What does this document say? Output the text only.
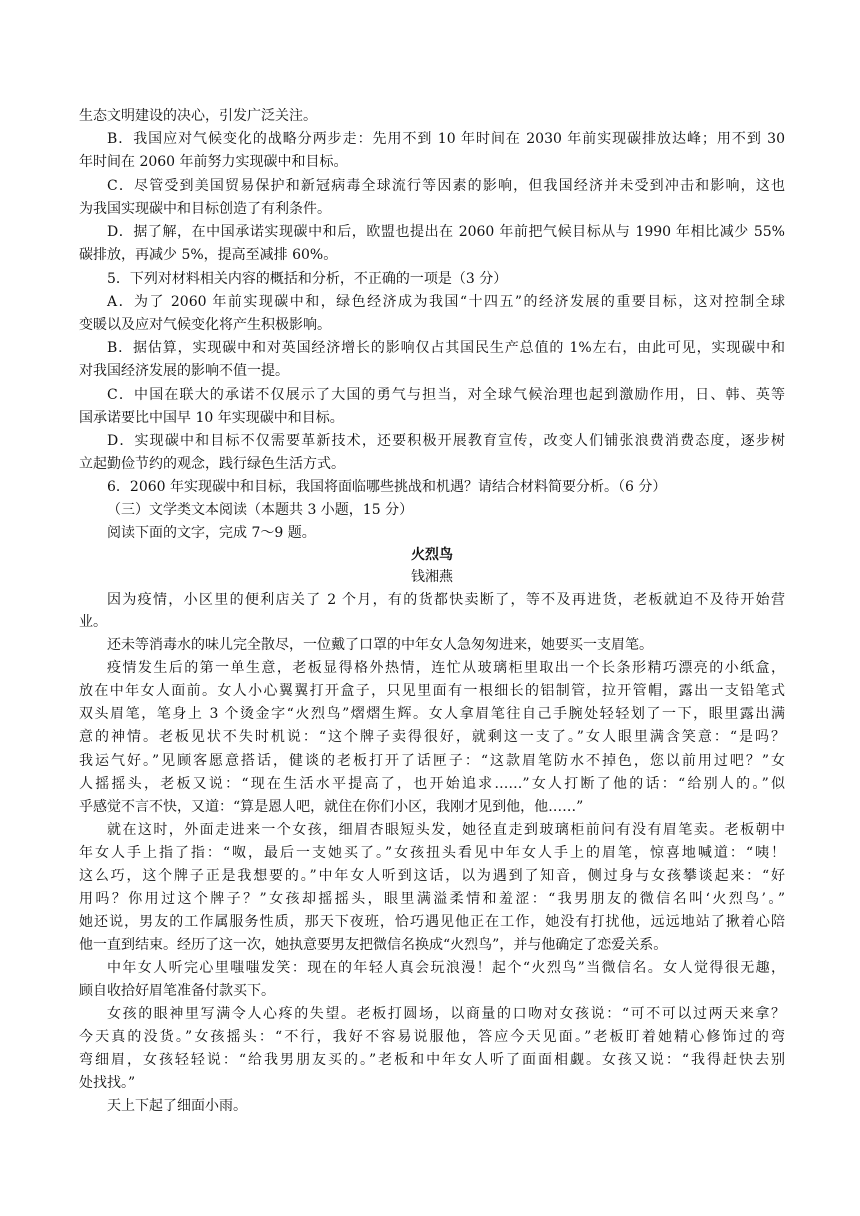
生态文明建设的决心，引发广泛关注。
B．我国应对气候变化的战略分两步走：先用不到 10 年时间在 2030 年前实现碳排放达峰；用不到 30
年时间在 2060 年前努力实现碳中和目标。
C．尽管受到美国贸易保护和新冠病毒全球流行等因素的影响，但我国经济并未受到冲击和影响，这也
为我国实现碳中和目标创造了有利条件。
D．据了解，在中国承诺实现碳中和后，欧盟也提出在 2060 年前把气候目标从与 1990 年相比减少 55%
碳排放，再减少 5%，提高至减排 60%。
5．下列对材料相关内容的概括和分析，不正确的一项是（3 分）
A．为了 2060 年前实现碳中和，绿色经济成为我国“十四五”的经济发展的重要目标，这对控制全球
变暖以及应对气候变化将产生积极影响。
B．据估算，实现碳中和对英国经济增长的影响仅占其国民生产总值的 1%左右，由此可见，实现碳中和
对我国经济发展的影响不值一提。
C．中国在联大的承诺不仅展示了大国的勇气与担当，对全球气候治理也起到激励作用，日、韩、英等
国承诺要比中国早 10 年实现碳中和目标。
D．实现碳中和目标不仅需要革新技术，还要积极开展教育宣传，改变人们铺张浪费消费态度，逐步树
立起勤俭节约的观念，践行绿色生活方式。
6．2060 年实现碳中和目标，我国将面临哪些挑战和机遇？请结合材料简要分析。（6 分）
（三）文学类文本阅读（本题共 3 小题，15 分）
阅读下面的文字，完成 7～9 题。
火烈鸟
钱湘燕
因为疫情，小区里的便利店关了 2 个月，有的货都快卖断了，等不及再进货，老板就迫不及待开始营
业。
还未等消毒水的味儿完全散尽，一位戴了口罩的中年女人急匆匆进来，她要买一支眉笔。
疫情发生后的第一单生意，老板显得格外热情，连忙从玻璃柜里取出一个长条形精巧漂亮的小纸盒，
放在中年女人面前。女人小心翼翼打开盒子，只见里面有一根细长的铝制管，拉开管帽，露出一支铅笔式
双头眉笔，笔身上 3 个烫金字“火烈鸟”熠熠生辉。女人拿眉笔往自己手腕处轻轻划了一下，眼里露出满
意的神情。老板见状不失时机说：“这个牌子卖得很好，就剩这一支了。”女人眼里满含笑意：“是吗？
我运气好。”见顾客愿意搭话，健谈的老板打开了话匣子：“这款眉笔防水不掉色，您以前用过吧？”女
人摇摇头，老板又说：“现在生活水平提高了，也开始追求……”女人打断了他的话：“给别人的。”似
乎感觉不言不快，又道：“算是恩人吧，就住在你们小区，我刚才见到他，他……”
就在这时，外面走进来一个女孩，细眉杏眼短头发，她径直走到玻璃柜前问有没有眉笔卖。老板朝中
年女人手上指了指：“呶，最后一支她买了。”女孩扭头看见中年女人手上的眉笔，惊喜地喊道：“咦！
这么巧，这个牌子正是我想要的。”中年女人听到这话，以为遇到了知音，侧过身与女孩攀谈起来：“好
用吗？你用过这个牌子？”女孩却摇摇头，眼里满溢柔情和羞涩：“我男朋友的微信名叫‘火烈鸟’。”
她还说，男友的工作属服务性质，那天下夜班，恰巧遇见他正在工作，她没有打扰他，远远地站了揪着心陪
他一直到结束。经历了这一次，她执意要男友把微信名换成“火烈鸟”，并与他确定了恋爱关系。
中年女人听完心里嗤嗤发笑：现在的年轻人真会玩浪漫！起个“火烈鸟”当微信名。女人觉得很无趣，
顾自收拾好眉笔准备付款买下。
女孩的眼神里写满令人心疼的失望。老板打圆场，以商量的口吻对女孩说：“可不可以过两天来拿？
今天真的没货。”女孩摇头：“不行，我好不容易说服他，答应今天见面。”老板盯着她精心修饰过的弯
弯细眉，女孩轻轻说：“给我男朋友买的。”老板和中年女人听了面面相觑。女孩又说：“我得赶快去别
处找找。”
天上下起了细面小雨。
